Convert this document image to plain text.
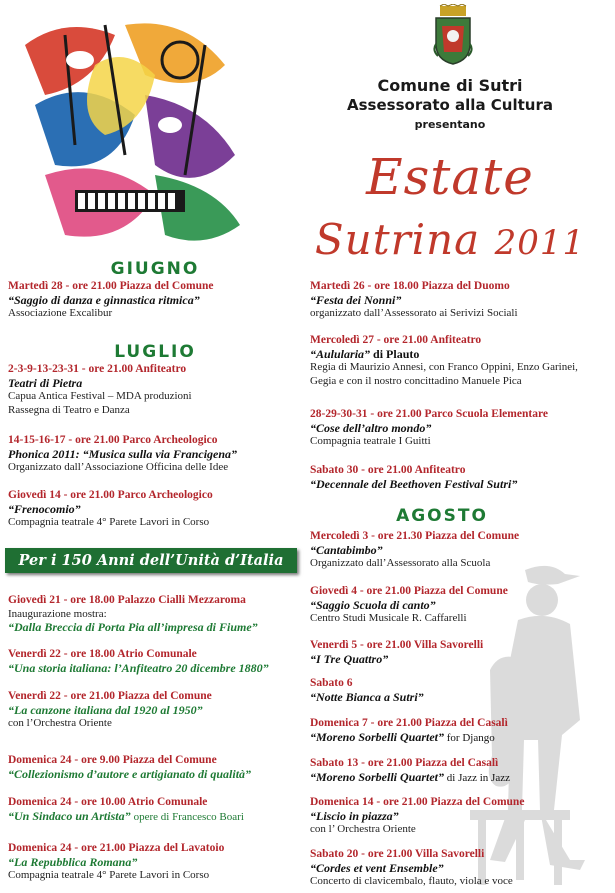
Comune di Sutri
Assessorato alla Cultura
presentano
Estate
Sutrina 2011
GIUGNO
Martedì 28 - ore 21.00 Piazza del Comune
“Saggio di danza e ginnastica ritmica”
Associazione Excalibur
LUGLIO
2-3-9-13-23-31 - ore 21.00 Anfiteatro
Teatri di Pietra
Capua Antica Festival – MDA produzioni
Rassegna di Teatro e Danza
14-15-16-17 - ore 21.00 Parco Archeologico
Phonica 2011: “Musica sulla via Francigena”
Organizzato dall’Associazione Officina delle Idee
Giovedì 14 - ore 21.00 Parco Archeologico
“Frenocomio”
Compagnia teatrale 4° Parete Lavori in Corso
Per i 150 Anni dell’Unità d’Italia
Giovedì 21 - ore 18.00 Palazzo Cialli Mezzaroma
Inaugurazione mostra:
“Dalla Breccia di Porta Pia all’impresa di Fiume”
Venerdì 22 - ore 18.00 Atrio Comunale
“Una storia italiana: l’Anfiteatro 20 dicembre 1880”
Venerdì 22 - ore 21.00 Piazza del Comune
“La canzone italiana dal 1920 al 1950”
con l’Orchestra Oriente
Domenica 24 - ore 9.00 Piazza del Comune
“Collezionismo d’autore e artigianato di qualità”
Domenica 24 - ore 10.00 Atrio Comunale
“Un Sindaco un Artista” opere di Francesco Boari
Domenica 24 - ore 21.00 Piazza del Lavatoio
“La Repubblica Romana”
Compagnia teatrale 4° Parete Lavori in Corso
Martedì 26 - ore 18.00 Piazza del Duomo
“Festa dei Nonni”
organizzato dall’Assessorato ai Serivizi Sociali
Mercoledì 27 - ore 21.00 Anfiteatro
“Aulularia” di Plauto
Regia di Maurizio Annesi, con Franco Oppini, Enzo Garinei,
Gegia e con il nostro concittadino Manuele Pica
28-29-30-31 - ore 21.00 Parco Scuola Elementare
“Cose dell’altro mondo”
Compagnia teatrale I Guitti
Sabato 30 - ore 21.00 Anfiteatro
“Decennale del Beethoven Festival Sutri”
AGOSTO
Mercoledì 3 - ore 21.30 Piazza del Comune
“Cantabimbo”
Organizzato dall’Assessorato alla Scuola
Giovedì 4 - ore 21.00 Piazza del Comune
“Saggio Scuola di canto”
Centro Studi Musicale R. Caffarelli
Venerdì 5 - ore 21.00 Villa Savorelli
“I Tre Quattro”
Sabato 6
“Notte Bianca a Sutri”
Domenica 7 - ore 21.00 Piazza del Casalì
“Moreno Sorbelli Quartet” for Django
Sabato 13 - ore 21.00 Piazza del Casalì
“Moreno Sorbelli Quartet” di Jazz in Jazz
Domenica 14 - ore 21.00 Piazza del Comune
“Liscio in piazza”
con l’ Orchestra Oriente
Sabato 20 - ore 21.00 Villa Savorelli
“Cordes et vent Ensemble”
Concerto di clavicembalo, flauto, viola e voce
